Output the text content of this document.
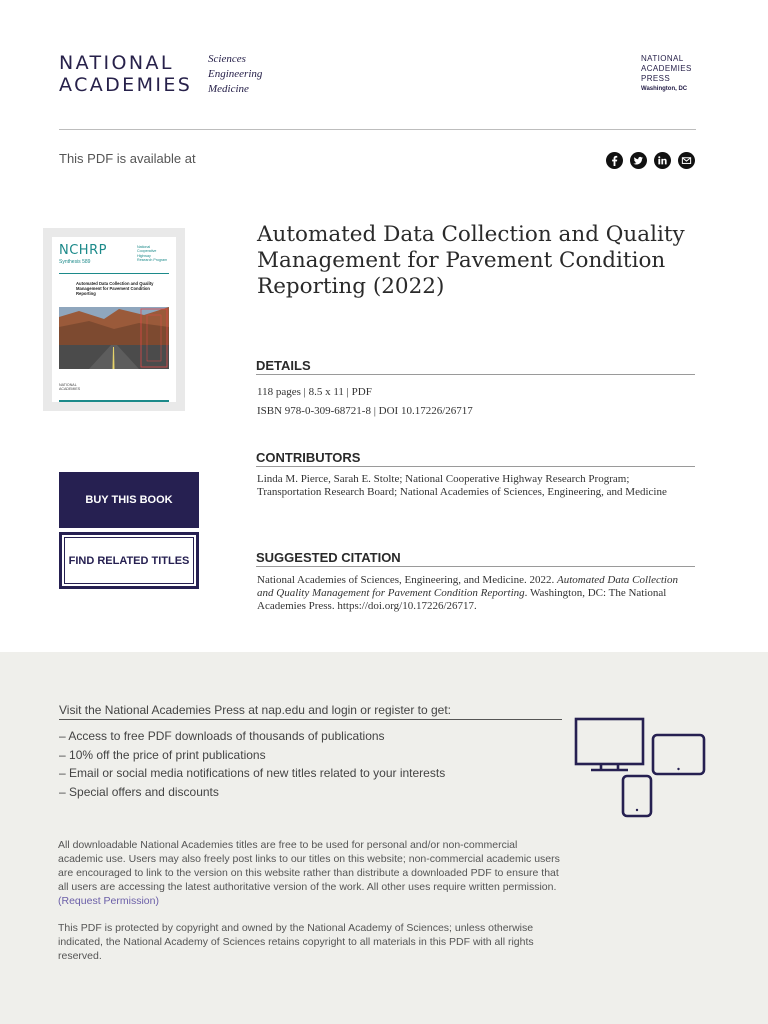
NATIONAL
ACADEMIES
Sciences
Engineering
Medicine
NATIONAL
ACADEMIES
PRESS
Washington, DC
This PDF is available at
NCHRP
Synthesis 589
National
Cooperative
Highway
Research Program
Automated Data Collection and Quality Management for Pavement Condition Reporting
NATIONAL
ACADEMIES
Automated Data Collection and Quality Management for Pavement Condition Reporting (2022)
DETAILS

118 pages | 8.5 x 11 | PDF

ISBN 978-0-309-68721-8 | DOI 10.17226/26717

CONTRIBUTORS
Linda M. Pierce, Sarah E. Stolte; National Cooperative Highway Research Program; Transportation Research Board; National Academies of Sciences, Engineering, and Medicine
SUGGESTED CITATION
National Academies of Sciences, Engineering, and Medicine. 2022. Automated Data Collection and Quality Management for Pavement Condition Reporting. Washington, DC: The National Academies Press. https://doi.org/10.17226/26717.
BUY THIS BOOK
FIND RELATED TITLES
Visit the National Academies Press at nap.edu and login or register to get:
– Access to free PDF downloads of thousands of publications
– 10% off the price of print publications
– Email or social media notifications of new titles related to your interests
– Special offers and discounts
All downloadable National Academies titles are free to be used for personal and/or non-commercial academic use. Users may also freely post links to our titles on this website; non-commercial academic users are encouraged to link to the version on this website rather than distribute a downloaded PDF to ensure that all users are accessing the latest authoritative version of the work. All other uses require written permission.  (Request Permission)
This PDF is protected by copyright and owned by the National Academy of Sciences; unless otherwise indicated, the National Academy of Sciences retains copyright to all materials in this PDF with all rights reserved.
